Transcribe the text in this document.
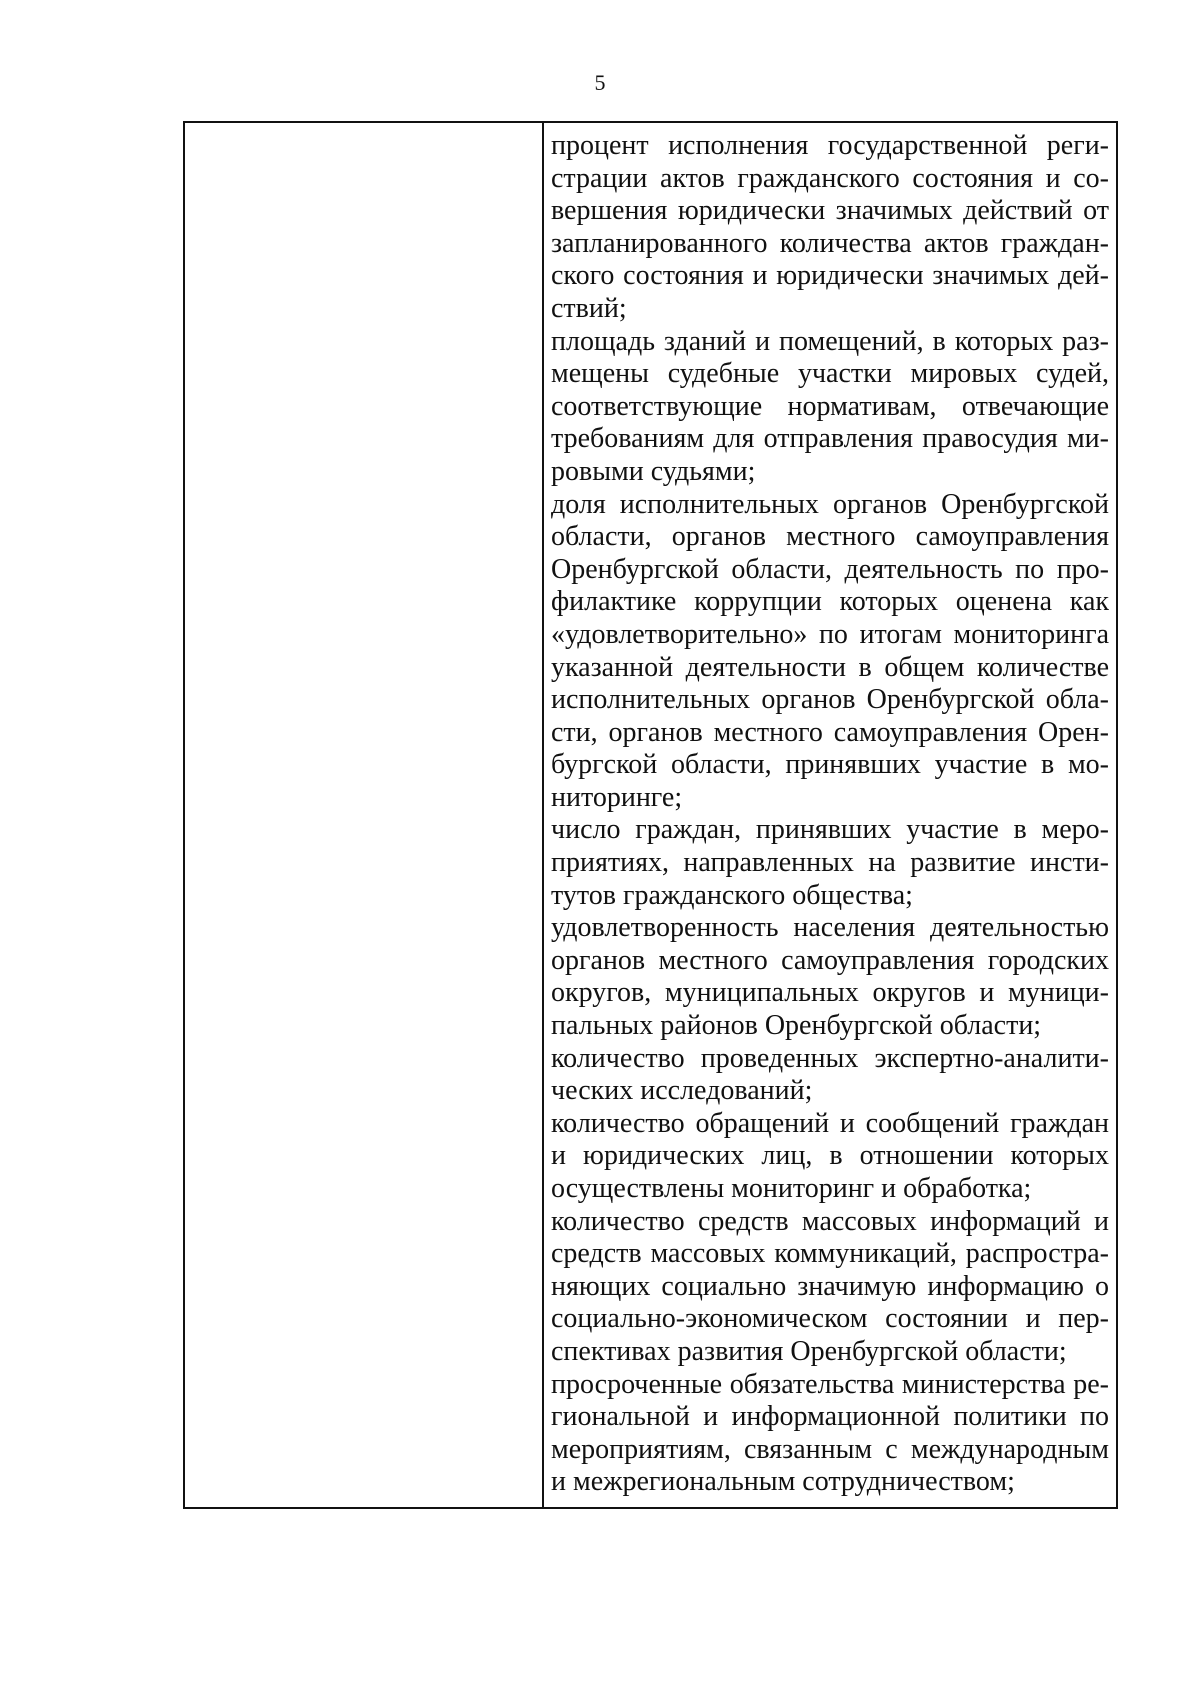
5

процент исполнения государственной регистрации актов гражданского состояния и совершения юридически значимых действий от запланированного количества актов гражданского состояния и юридически значимых действий;

площадь зданий и помещений, в которых размещены судебные участки мировых судей, соответствующие нормативам, отвечающие требованиям для отправления правосудия мировыми судьями;

доля исполнительных органов Оренбургской области, органов местного самоуправления Оренбургской области, деятельность по профилактике коррупции которых оценена как «удовлетворительно» по итогам мониторинга указанной деятельности в общем количестве исполнительных органов Оренбургской области, органов местного самоуправления Оренбургской области, принявших участие в мониторинге;

число граждан, принявших участие в мероприятиях, направленных на развитие институтов гражданского общества;

удовлетворенность населения деятельностью органов местного самоуправления городских округов, муниципальных округов и муниципальных районов Оренбургской области;

количество проведенных экспертно-аналитических исследований;

количество обращений и сообщений граждан и юридических лиц, в отношении которых осуществлены мониторинг и обработка;

количество средств массовых информаций и средств массовых коммуникаций, распространяющих социально значимую информацию о социально-экономическом состоянии и перспективах развития Оренбургской области;

просроченные обязательства министерства региональной и информационной политики по мероприятиям, связанным с международным и межрегиональным сотрудничеством;
